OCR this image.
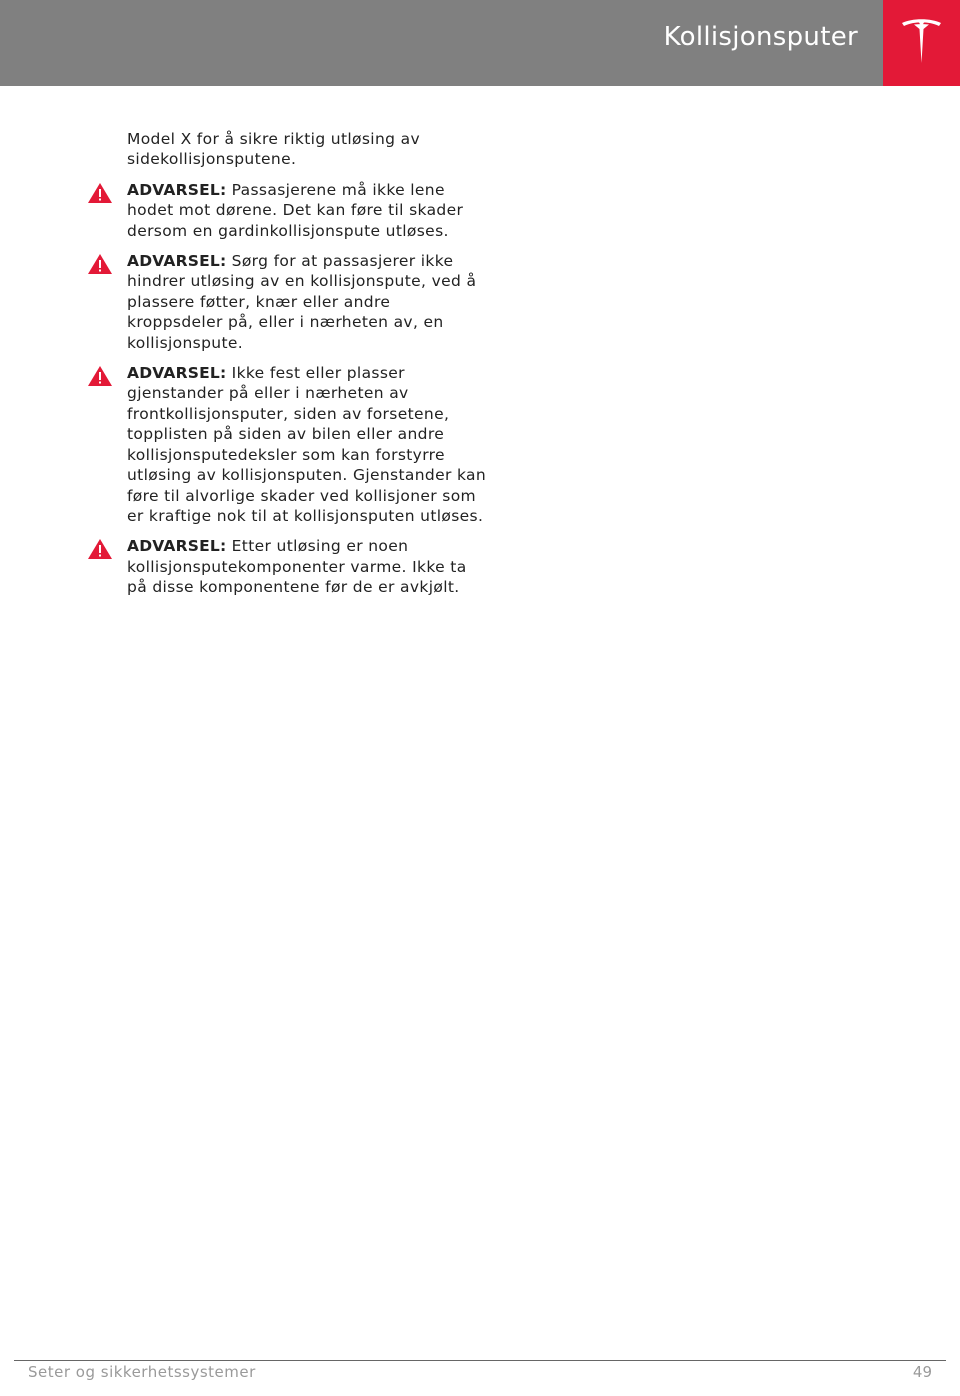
Kollisjonsputer

Model X for å sikre riktig utløsing av sidekollisjonsputene.

ADVARSEL: Passasjerene må ikke lene hodet mot dørene. Det kan føre til skader dersom en gardinkollisjonspute utløses.
ADVARSEL: Sørg for at passasjerer ikke hindrer utløsing av en kollisjonspute, ved å plassere føtter, knær eller andre kroppsdeler på, eller i nærheten av, en kollisjonspute.
ADVARSEL: Ikke fest eller plasser gjenstander på eller i nærheten av frontkollisjonsputer, siden av forsetene, topplisten på siden av bilen eller andre kollisjonsputedeksler som kan forstyrre utløsing av kollisjonsputen. Gjenstander kan føre til alvorlige skader ved kollisjoner som er kraftige nok til at kollisjonsputen utløses.
ADVARSEL: Etter utløsing er noen kollisjonsputekomponenter varme. Ikke ta på disse komponentene før de er avkjølt.
Seter og sikkerhetssystemer	49
